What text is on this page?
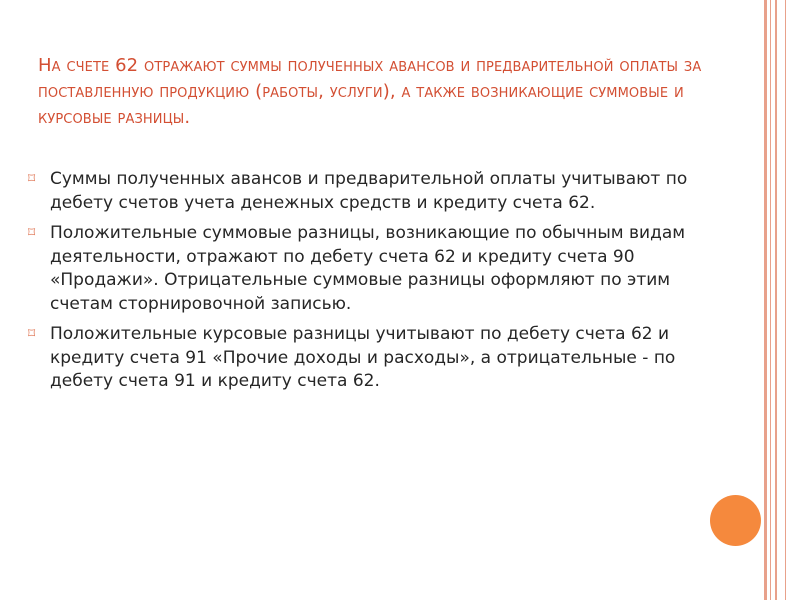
На счете 62 отражают суммы полученных авансов и предварительной оплаты за поставленную продукцию (работы, услуги), а также возникающие суммовые и курсовые разницы.
⌑ Суммы полученных авансов и предварительной оплаты учитывают по дебету счетов учета денежных средств и кредиту счета 62.
⌑ Положительные суммовые разницы, возникающие по обычным видам деятельности, отражают по дебету счета 62 и кредиту счета 90 «Продажи». Отрицательные суммовые разницы оформляют по этим счетам сторнировочной записью.
⌑ Положительные курсовые разницы учитывают по дебету счета 62 и кредиту счета 91 «Прочие доходы и расходы», а отрицательные - по дебету счета 91 и кредиту счета 62.
